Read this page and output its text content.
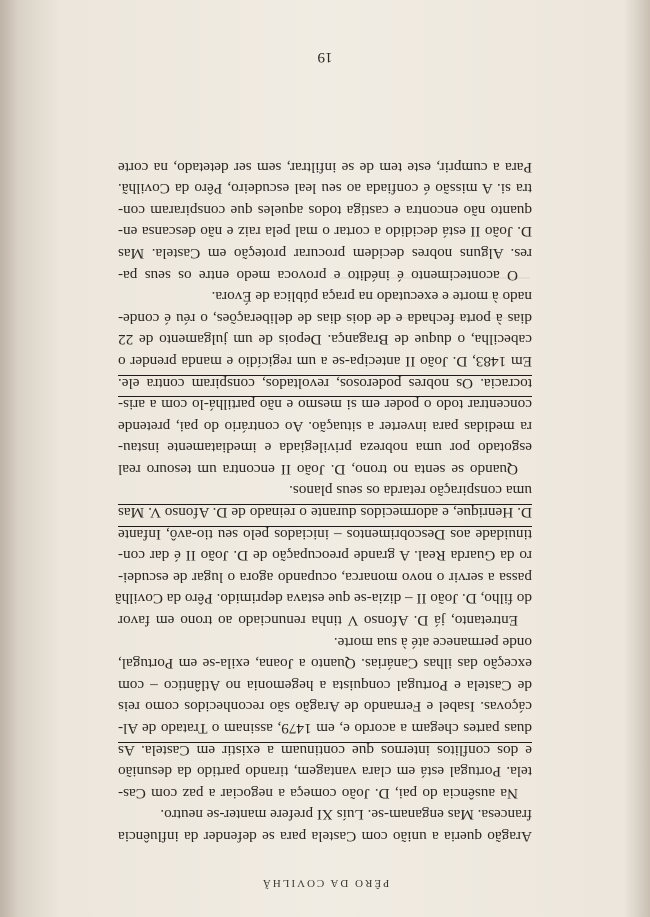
PÊRO DA COVILHÃ

Aragão queria a união com Castela para se defender da influência

francesa. Mas enganam-se. Luís XI prefere manter-se neutro.

Na ausência do pai, D. João começa a negociar a paz com Cas-

tela. Portugal está em clara vantagem, tirando partido da desunião

e dos conflitos internos que continuam a existir em Castela. As

duas partes chegam a acordo e, em 1479, assinam o Tratado de Al-

cáçovas. Isabel e Fernando de Aragão são reconhecidos como reis

de Castela e Portugal conquista a hegemonia no Atlântico – com

exceção das ilhas Canárias. Quanto a Joana, exila-se em Portugal,

onde permanece até à sua morte.

Entretanto, já D. Afonso V tinha renunciado ao trono em favor

do filho, D. João II – dizia-se que estava deprimido. Pêro da Covilhã

passa a servir o novo monarca, ocupando agora o lugar de escudei-

ro da Guarda Real. A grande preocupação de D. João II é dar con-

tinuidade aos Descobrimentos – iniciados pelo seu tio-avô, Infante

D. Henrique, e adormecidos durante o reinado de D. Afonso V. Mas

uma conspiração retarda os seus planos.

Quando se senta no trono, D. João II encontra um tesouro real

esgotado por uma nobreza privilegiada e imediatamente instau-

ra medidas para inverter a situação. Ao contrário do pai, pretende

concentrar todo o poder em si mesmo e não partilhá-lo com a aris-

tocracia. Os nobres poderosos, revoltados, conspiram contra ele.

Em 1483, D. João II antecipa-se a um regicídio e manda prender o

cabecilha, o duque de Bragança. Depois de um julgamento de 22

dias à porta fechada e de dois dias de deliberações, o réu é conde-

nado à morte e executado na praça pública de Évora.

O acontecimento é inédito e provoca medo entre os seus pa-

res. Alguns nobres decidem procurar proteção em Castela. Mas

D. João II está decidido a cortar o mal pela raiz e não descansa en-

quanto não encontra e castiga todos aqueles que conspiraram con-

tra si. A missão é confiada ao seu leal escudeiro, Pêro da Covilhã.

Para a cumprir, este tem de se infiltrar, sem ser detetado, na corte

19
